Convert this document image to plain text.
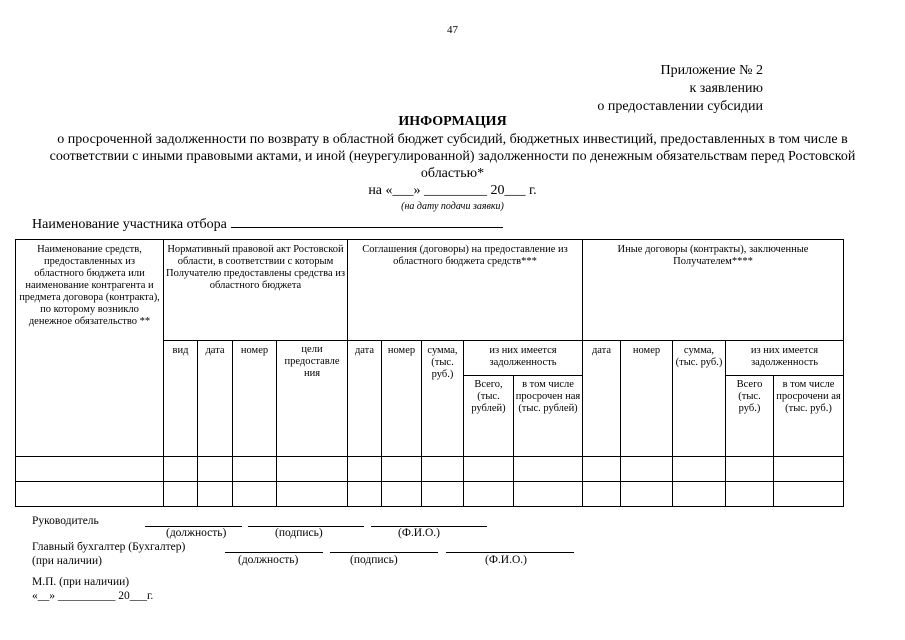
47
Приложение № 2
к заявлению
о предоставлении субсидии
ИНФОРМАЦИЯ
о просроченной задолженности по возврату в областной бюджет субсидий, бюджетных инвестиций, предоставленных в том числе в соответствии с иными правовыми актами, и иной (неурегулированной) задолженности по денежным обязательствам перед Ростовской областью*
на «___» _________ 20___ г.
(на дату подачи заявки)
Наименование участника отбора
Наименование средств, предоставленных из областного бюджета или наименование контрагента и предмета договора (контракта), по которому возникло денежное обязательство **	Нормативный правовой акт Ростовской области, в соответствии с которым Получателю предоставлены средства из областного бюджета				Соглашения (договоры) на предоставление из областного бюджета средств***					Иные договоры (контракты), заключенные Получателем****				
	вид	дата	номер	цели предоставле ния	дата	номер	сумма, (тыс. руб.)	из них имеется задолженность		дата	номер	сумма, (тыс. руб.)	из них имеется задолженность	
								Всего, (тыс. рублей)	в том числе просрочен ная (тыс. рублей)				Всего (тыс. руб.)	в том числе просрочени ая (тыс. руб.)

Руководитель
(должность)	(подпись)	(Ф.И.О.)
Главный бухгалтер (Бухгалтер)
(при наличии)	(должность)	(подпись)	(Ф.И.О.)
М.П. (при наличии)
«__» __________ 20___г.
